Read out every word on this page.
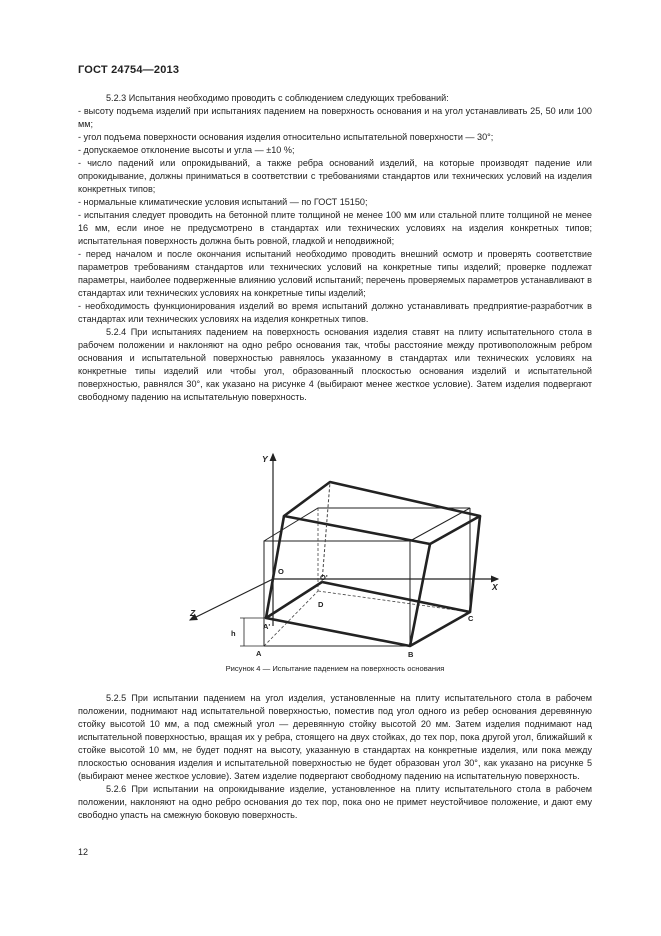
ГОСТ 24754—2013

5.2.3 Испытания необходимо проводить с соблюдением следующих требований:

- высоту подъема изделий при испытаниях падением на поверхность основания и на угол устанавливать 25, 50 или 100 мм;

- угол подъема поверхности основания изделия относительно испытательной поверхности — 30°;

- допускаемое отклонение высоты и угла — ±10 %;

- число падений или опрокидываний, а также ребра оснований изделий, на которые производят падение или опрокидывание, должны приниматься в соответствии с требованиями стандартов или технических условий на изделия конкретных типов;

- нормальные климатические условия испытаний — по ГОСТ 15150;

- испытания следует проводить на бетонной плите толщиной не менее 100 мм или стальной плите толщиной не менее 16 мм, если иное не предусмотрено в стандартах или технических условиях на изделия конкретных типов; испытательная поверхность должна быть ровной, гладкой и неподвижной;

- перед началом и после окончания испытаний необходимо проводить внешний осмотр и проверять соответствие параметров требованиям стандартов или технических условий на конкретные типы изделий; проверке подлежат параметры, наиболее подверженные влиянию условий испытаний; перечень проверяемых параметров устанавливают в стандартах или технических условиях на конкретные типы изделий;

- необходимость функционирования изделий во время испытаний должно устанавливать предприятие-разработчик в стандартах или технических условиях на изделия конкретных типов.

5.2.4 При испытаниях падением на поверхность основания изделия ставят на плиту испытательного стола в рабочем положении и наклоняют на одно ребро основания так, чтобы расстояние между противоположным ребром основания и испытательной поверхностью равнялось указанному в стандартах или технических условиях на конкретные типы изделий или чтобы угол, образованный плоскостью основания изделий и испытательной поверхностью, равнялся 30°, как указано на рисунке 4 (выбирают менее жесткое условие). Затем изделия подвергают свободному падению на испытательную поверхность.

Y
X
Z
O
O'
D
A'
A	B
C
h
Рисунок 4 — Испытание падением на поверхность основания

5.2.5 При испытании падением на угол изделия, установленные на плиту испытательного стола в рабочем положении, поднимают над испытательной поверхностью, поместив под угол одного из ребер основания деревянную стойку высотой 10 мм, а под смежный угол — деревянную стойку высотой 20 мм. Затем изделия поднимают над испытательной поверхностью, вращая их у ребра, стоящего на двух стойках, до тех пор, пока другой угол, ближайший к стойке высотой 10 мм, не будет поднят на высоту, указанную в стандартах на конкретные изделия, или пока между плоскостью основания изделия и испытательной поверхностью не будет образован угол 30°, как указано на рисунке 5 (выбирают менее жесткое условие). Затем изделие подвергают свободному падению на испытательную поверхность.

5.2.6 При испытании на опрокидывание изделие, установленное на плиту испытательного стола в рабочем положении, наклоняют на одно ребро основания до тех пор, пока оно не примет неустойчивое положение, и дают ему свободно упасть на смежную боковую поверхность.

12
